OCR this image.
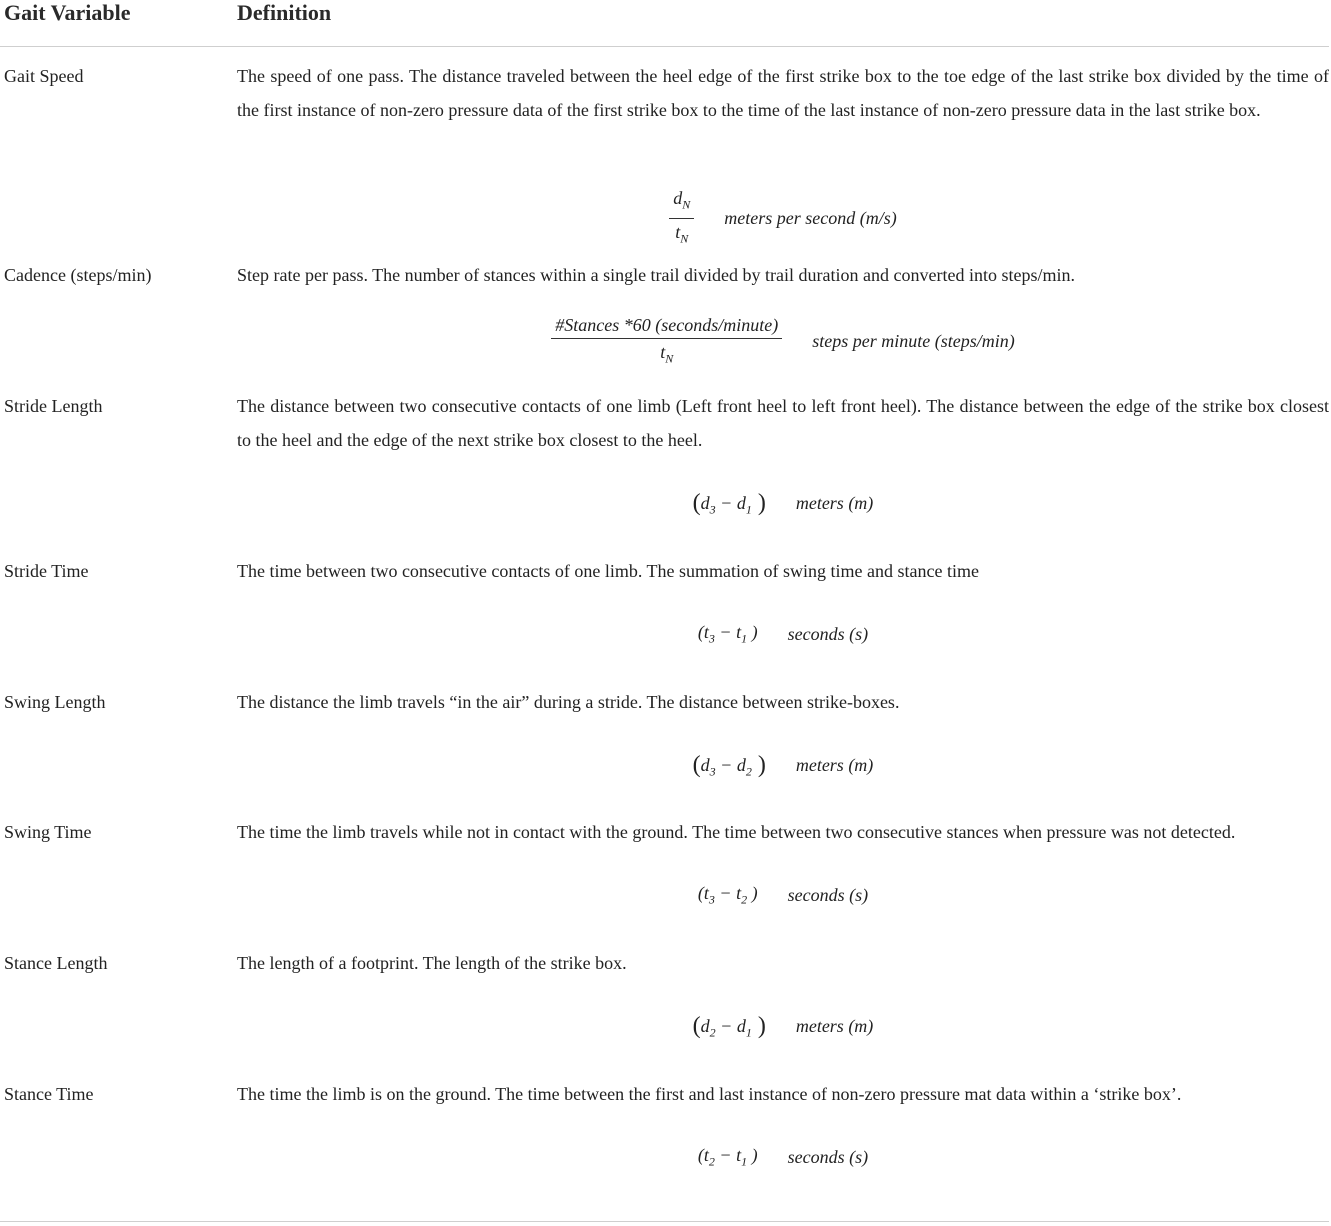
Gait Variable	Definition
Gait Speed	The speed of one pass. The distance traveled between the heel edge of the first strike box to the toe edge of the last strike box divided by the time of the first instance of non-zero pressure data of the first strike box to the time of the last instance of non-zero pressure data in the last strike box.
$\frac{d_N}{t_N}$ meters per second (m/s)
Cadence (steps/min)	Step rate per pass. The number of stances within a single trail divided by trail duration and converted into steps/min.
$\frac{\text{\#Stances *60 (seconds/minute)}}{t_N}$ steps per minute (steps/min)
Stride Length	The distance between two consecutive contacts of one limb (Left front heel to left front heel). The distance between the edge of the strike box closest to the heel and the edge of the next strike box closest to the heel.
($d_3 - d_1$ ) meters (m)
Stride Time	The time between two consecutive contacts of one limb. The summation of swing time and stance time
($t_3 - t_1$ ) seconds (s)
Swing Length	The distance the limb travels “in the air” during a stride. The distance between strike-boxes.
($d_3 - d_2$ ) meters (m)
Swing Time	The time the limb travels while not in contact with the ground. The time between two consecutive stances when pressure was not detected.
($t_3 - t_2$ ) seconds (s)
Stance Length	The length of a footprint. The length of the strike box.
($d_2 - d_1$ ) meters (m)
Stance Time	The time the limb is on the ground. The time between the first and last instance of non-zero pressure mat data within a ‘strike box’.
($t_2 - t_1$ ) seconds (s)
